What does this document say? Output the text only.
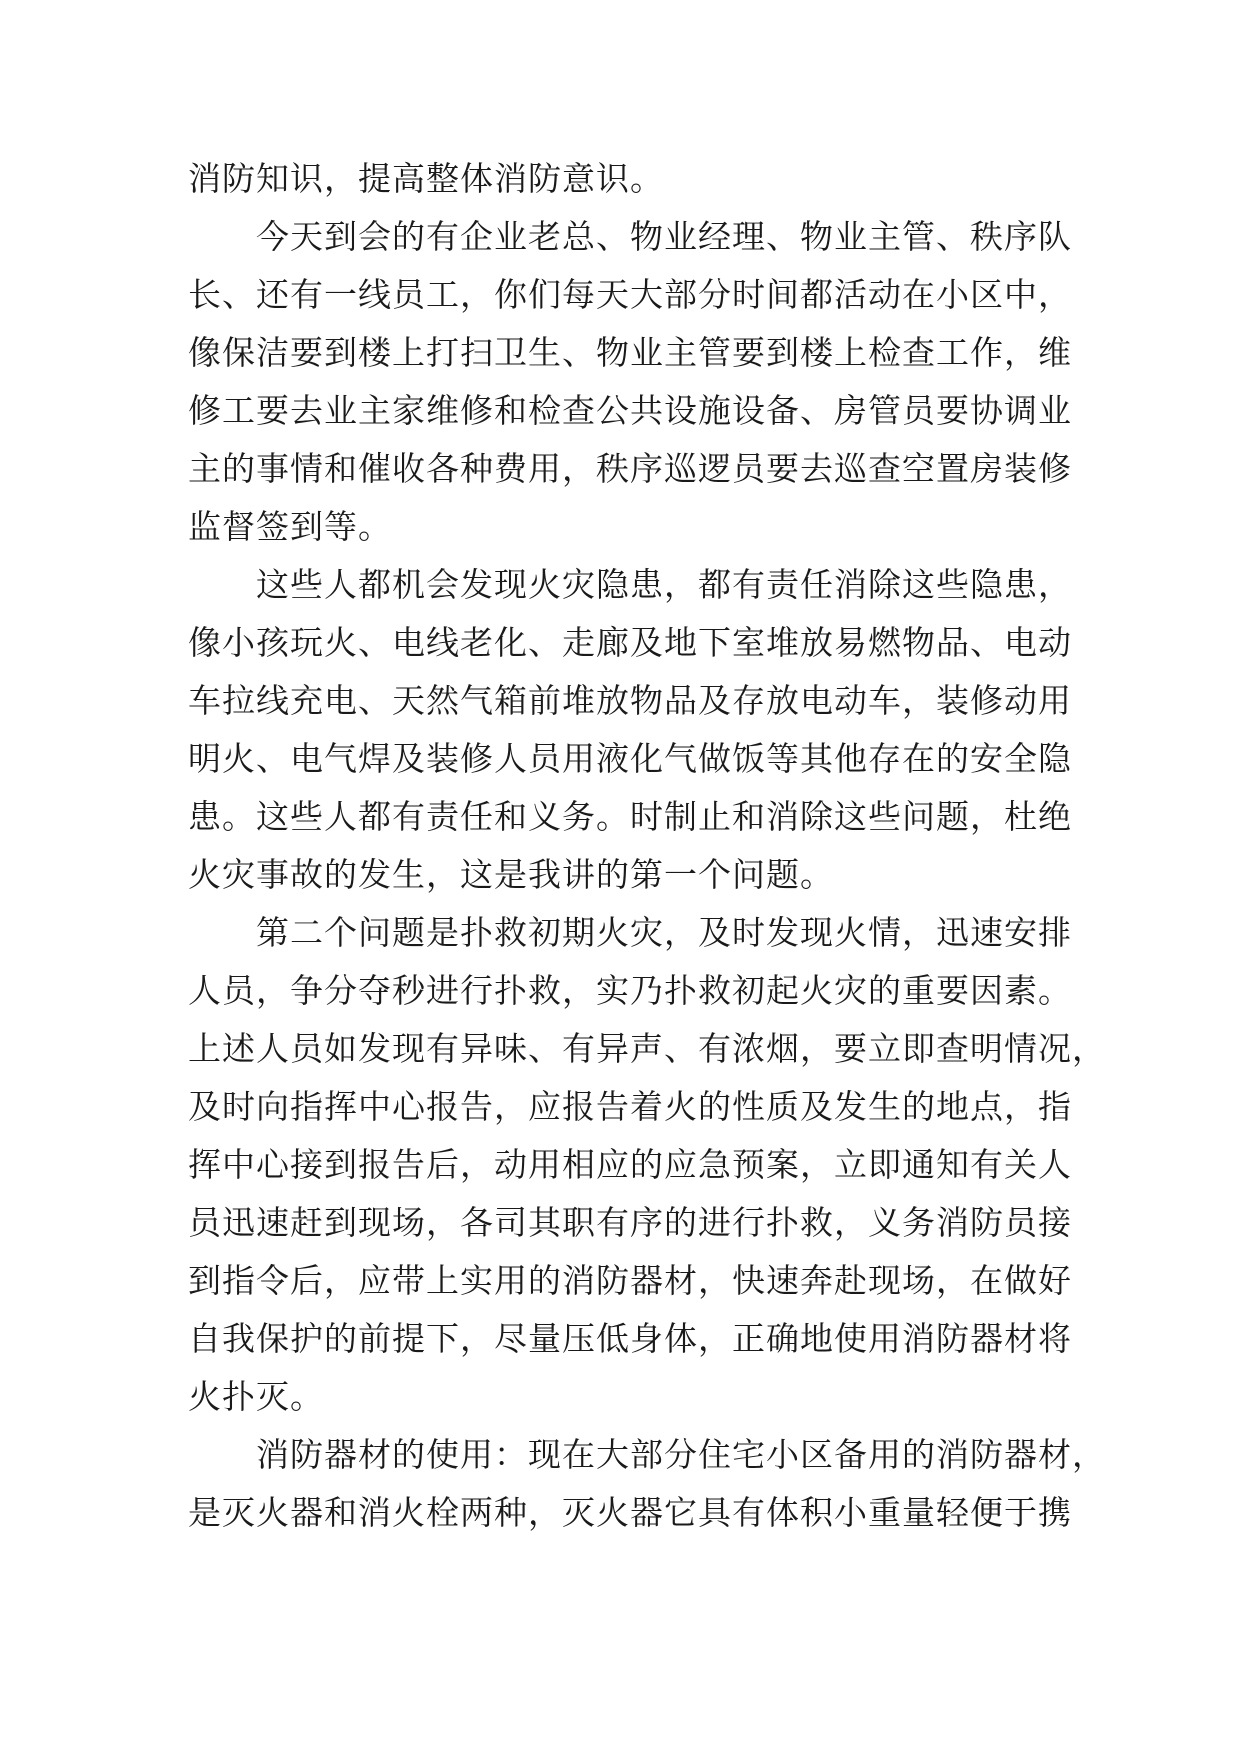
消防知识，提高整体消防意识。
今 天 到 会 的 有 企 业 老 总 、 物 业 经 理 、 物 业 主 管 、 秩 序 队
长 、 还 有 一 线 员 工 ， 你 们 每 天 大 部 分 时 间 都 活 动 在 小 区 中 ，
像 保 洁 要 到 楼 上 打 扫 卫 生 、 物 业 主 管 要 到 楼 上 检 查 工 作 ， 维
修 工 要 去 业 主 家 维 修 和 检 查 公 共 设 施 设 备 、 房 管 员 要 协 调 业
主 的 事 情 和 催 收 各 种 费 用 ， 秩 序 巡 逻 员 要 去 巡 查 空 置 房 装 修
监督签到等。
这 些 人 都 机 会 发 现 火 灾 隐 患 ， 都 有 责 任 消 除 这 些 隐 患 ，
像 小 孩 玩 火 、 电 线 老 化 、 走 廊 及 地 下 室 堆 放 易 燃 物 品 、 电 动
车 拉 线 充 电 、 天 然 气 箱 前 堆 放 物 品 及 存 放 电 动 车 ， 装 修 动 用
明 火 、 电 气 焊 及 装 修 人 员 用 液 化 气 做 饭 等 其 他 存 在 的 安 全 隐
患 。 这 些 人 都 有 责 任 和 义 务 。 时 制 止 和 消 除 这 些 问 题 ， 杜 绝
火灾事故的发生，这是我讲的第一个问题。
第 二 个 问 题 是 扑 救 初 期 火 灾 ， 及 时 发 现 火 情 ， 迅 速 安 排
人 员 ， 争 分 夺 秒 进 行 扑 救 ， 实 乃 扑 救 初 起 火 灾 的 重 要 因 素 。
上 述 人 员 如 发 现 有 异 味 、 有 异 声 、 有 浓 烟 ， 要 立 即 查 明 情 况 ，
及 时 向 指 挥 中 心 报 告 ， 应 报 告 着 火 的 性 质 及 发 生 的 地 点 ， 指
挥 中 心 接 到 报 告 后 ， 动 用 相 应 的 应 急 预 案 ， 立 即 通 知 有 关 人
员 迅 速 赶 到 现 场 ， 各 司 其 职 有 序 的 进 行 扑 救 ， 义 务 消 防 员 接
到 指 令 后 ， 应 带 上 实 用 的 消 防 器 材 ， 快 速 奔 赴 现 场 ， 在 做 好
自 我 保 护 的 前 提 下 ， 尽 量 压 低 身 体 ， 正 确 地 使 用 消 防 器 材 将
火扑灭。
消 防 器 材 的 使 用 ： 现 在 大 部 分 住 宅 小 区 备 用 的 消 防 器 材 ，
是灭火器和消火栓两种，灭火器它具有体积小重量轻便于携
